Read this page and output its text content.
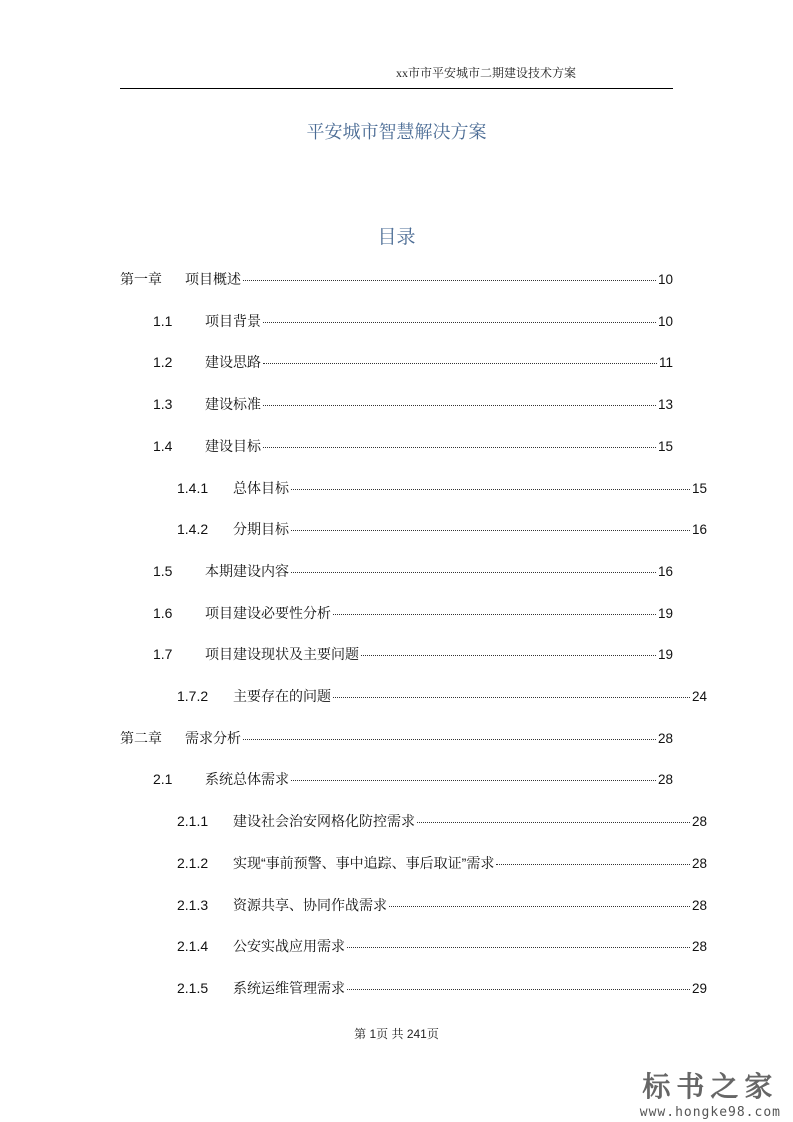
xx市市平安城市二期建设技术方案
平安城市智慧解决方案
目录
第一章	项目概述	10
1.1	项目背景	10
1.2	建设思路	11
1.3	建设标准	13
1.4	建设目标	15
1.4.1	总体目标	15
1.4.2	分期目标	16
1.5	本期建设内容	16
1.6	项目建设必要性分析	19
1.7	项目建设现状及主要问题	19
1.7.2	主要存在的问题	24
第二章	需求分析	28
2.1	系统总体需求	28
2.1.1	建设社会治安网格化防控需求	28
2.1.2	实现“事前预警、事中追踪、事后取证”需求	28
2.1.3	资源共享、协同作战需求	28
2.1.4	公安实战应用需求	28
2.1.5	系统运维管理需求	29
第 1页 共 241页
标书之家
www.hongke98.com
